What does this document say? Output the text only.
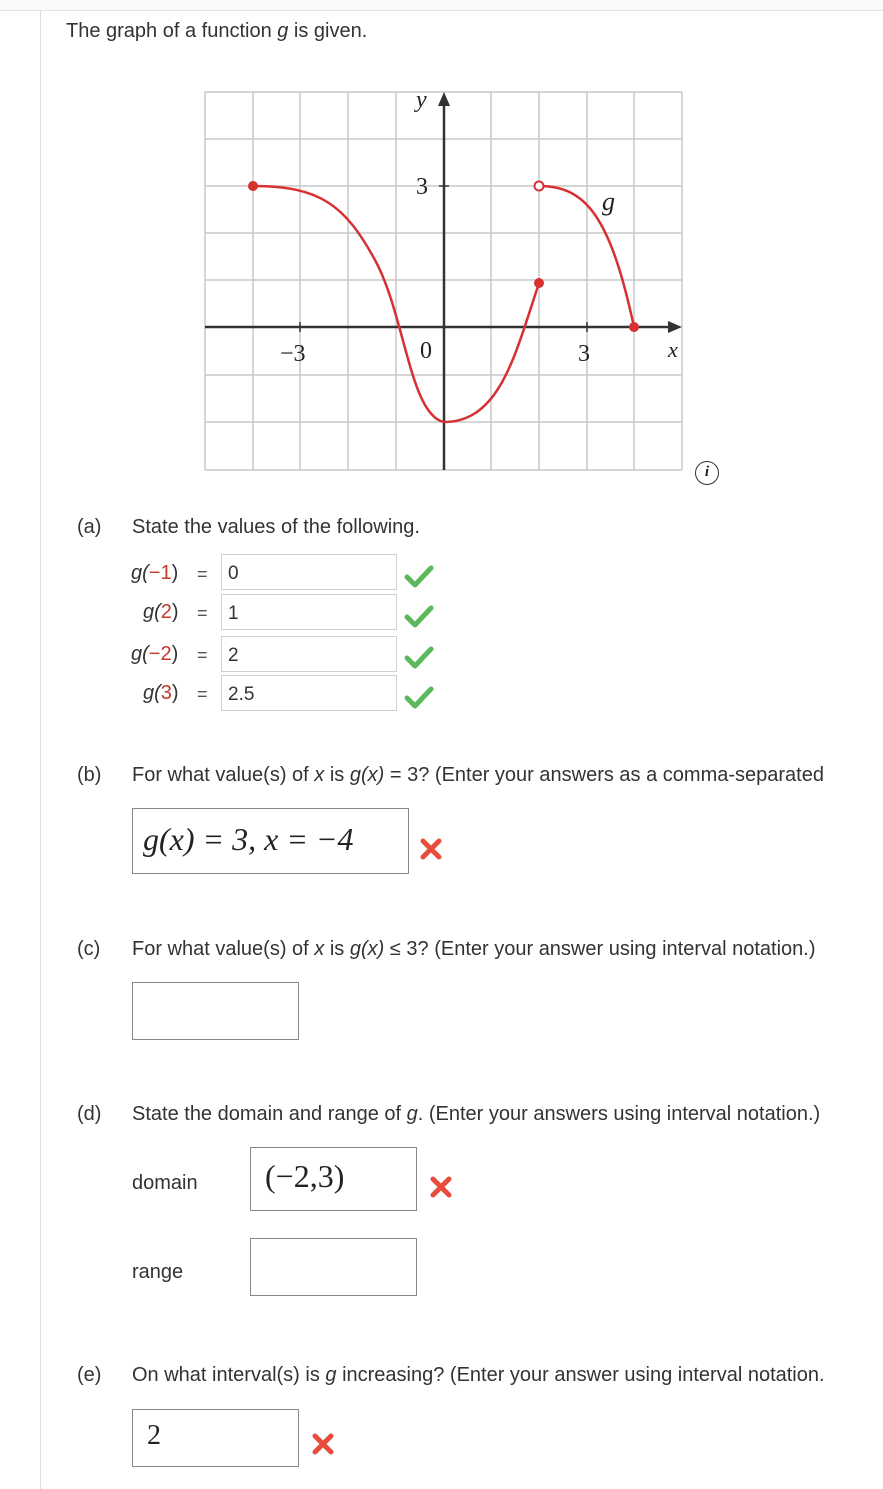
The graph of a function g is given.
−3	0	3
3
y
x
g
i
(a) State the values of the following.
g(−1) =	0
g(2) =	1
g(−2) =	2
g(3) =	2.5
(b) For what value(s) of x is g(x) = 3? (Enter your answers as a comma-separated
g(x) = 3, x = −4
(c) For what value(s) of x is g(x) ≤ 3? (Enter your answer using interval notation.)
(d) State the domain and range of g. (Enter your answers using interval notation.)
domain (−2,3)
range
(e) On what interval(s) is g increasing? (Enter your answer using interval notation.
2
